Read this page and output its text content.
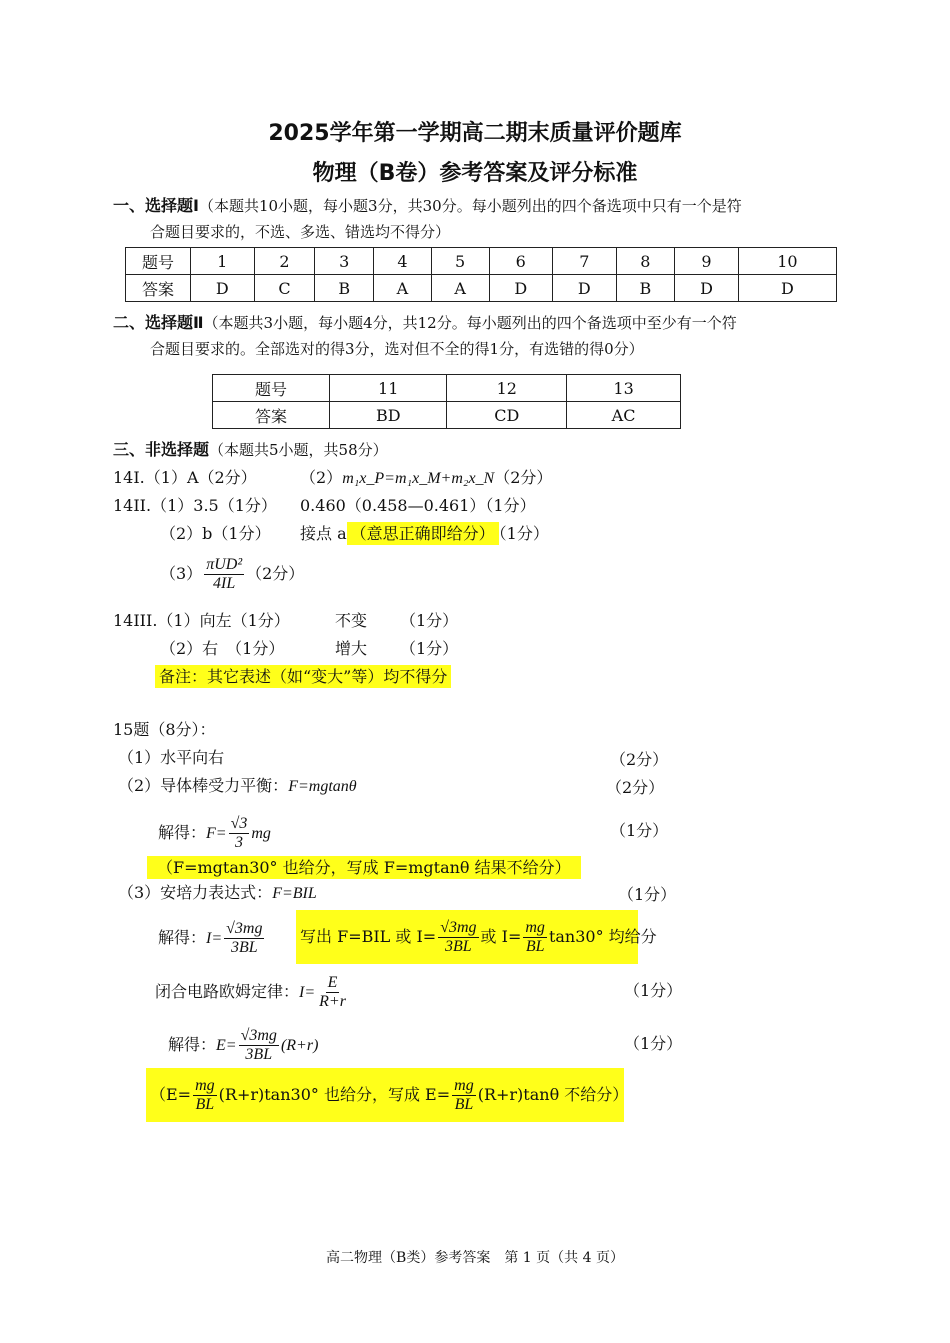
2025学年第一学期高二期末质量评价题库
物理（B卷）参考答案及评分标准
一、选择题Ⅰ（本题共10小题，每小题3分，共30分。每小题列出的四个备选项中只有一个是符
合题目要求的，不选、多选、错选均不得分）
题号	1	2	3	4	5	6	7	8	9	10
答案	D	C	B	A	A	D	D	B	D	D
二、选择题Ⅱ（本题共3小题，每小题4分，共12分。每小题列出的四个备选项中至少有一个符
合题目要求的。全部选对的得3分，选对但不全的得1分，有选错的得0分）
题号	11	12	13
答案	BD	CD	AC
三、非选择题（本题共5小题，共58分）
14I.（1）A（2分）	（2）m₁x_P=m₁x_M+m₂x_N（2分）
14II.（1）3.5（1分） 0.460（0.458—0.461）（1分）
（2）b（1分） 接点 a （意思正确即给分） （1分）
$(3) \frac{\text{πUD²}}{4IL} (2$分）
14III.（1）向左（1分）	不变 （1分）
（2）右　（1分）	增大 （1分）
备注：其它表述（如“变大”等）均不得分
15题（8分）：
（1）水平向右	（2分）
（2）导体棒受力平衡：F=mgtanθ	（2分）
解得：$F= \frac{√3}{3}$ mg	（1分）
（F=mgtan30° 也给分，写成 F=mgtanθ 结果不给分）
（3）安培力表达式：F=BIL	（1分）
解得：$I= \frac{√3mg}{3BL}$ 写出 F=BIL 或 $I= \frac{√3mg}{3BL}$ 或 $I= \frac{mg}{BL} \tan 30^\circ$ 均给分
闭合电路欧姆定律：$I= \frac{E}{R+r}$	（1分）
解得：$E= \frac{√3mg}{3BL} (R+r)$	（1分）
（$E= \frac{mg}{BL} (R+r)\tan 30^\circ$ 也给分，写成 $E= \frac{mg}{BL} (R+r)\tan\theta$ 不给分）
高二物理（B类）参考答案　第 1 页（共 4 页）
